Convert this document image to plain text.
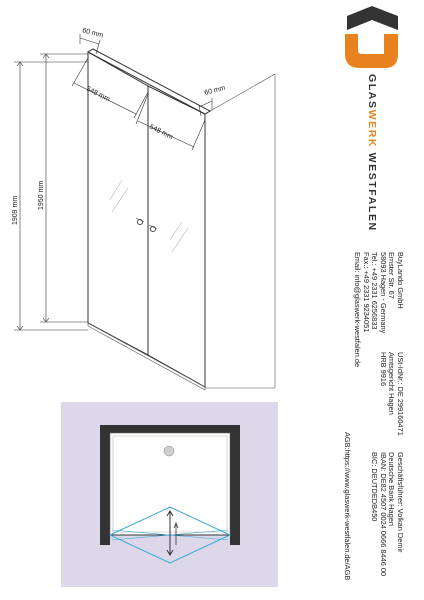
60 mm
60 mm
548 mm
548 mm
1950 mm
1909 mm
GLASWERK WESTFALEN
BuyLando GmbH
Emster Str. 67
58093 Hagen - Germany
Tel.: +49 2331 6256833
Fax.: +49 2331 9234051
Email: info@glaswerk-westfalen.de
USt-IdNr.: DE 299160471
Amtsgericht Hagen
HRB 9916
Geschäftsführer: Volkan Demir
Deutsche Bank Hagen
IBAN: DE82 4507 0024 0666 8446 00
BIC: DEUTDEDB450
AGB:https://www.glaswerk-westfalen.de/AGB
